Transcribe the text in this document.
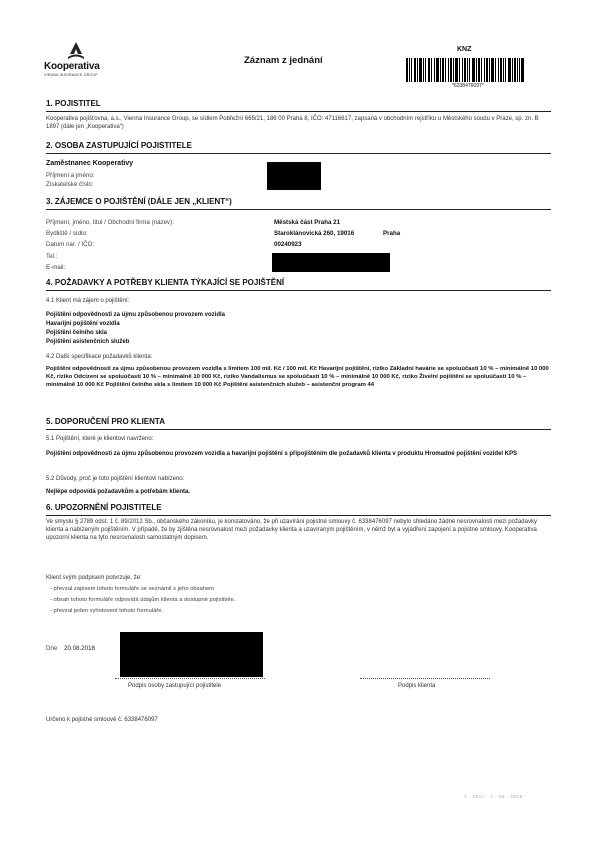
Kooperativa
VIENNA INSURANCE GROUP
Záznam z jednání
KNZ
*6338476097*
1. POJISTITEL
Kooperativa pojišťovna, a.s., Vienna Insurance Group, se sídlem Pobřežní 665/21, 186 00 Praha 8, IČO: 47116617, zapsaná v obchodním rejstříku u Městského soudu v Praze, sp. zn. B 1897 (dále jen „Kooperativa“)
2. OSOBA ZASTUPUJÍCÍ POJISTITELE
Zaměstnanec Kooperativy
Příjmení a jméno:
Získatelské číslo:
3. ZÁJEMCE O POJIŠTĚNÍ (DÁLE JEN „KLIENT“)
Příjmení, jméno, titul / Obchodní firma (název):
Bydliště / sídlo:
Datum nar. / IČO:
Tel.:
E-mail:
Městská část Praha 21
Staroklánovická 260, 19016	Praha
00240923
4. POŽADAVKY A POTŘEBY KLIENTA TÝKAJÍCÍ SE POJIŠTĚNÍ
4.1 Klient má zájem o pojištění:
Pojištění odpovědnosti za újmu způsobenou provozem vozidla
Havarijní pojištění vozidla
Pojištění čelního skla
Pojištění asistenčních služeb
4.2 Další specifikace požadavků klienta:
Pojištění odpovědnosti za újmu způsobenou provozem vozidla s limitem 100 mil. Kč / 100 mil. Kč Havarijní pojištění, riziko Základní havárie se spoluúčastí 10 % – minimálně 10 000 Kč, riziko Odcizení se spoluúčastí 10 % – minimálně 10 000 Kč, riziko Vandalismus se spoluúčastí 10 % – minimálně 10 000 Kč, riziko Živelní pojištění se spoluúčastí 10 % – minimálně 10 000 Kč Pojištění čelního skla s limitem 10 000 Kč Pojištění asistenčních služeb – asistenční program 44
5. DOPORUČENÍ PRO KLIENTA
5.1 Pojištění, které je klientovi navrženo:
Pojištění odpovědnosti za újmu způsobenou provozem vozidla a havarijní pojištění s připojištěním dle požadavků klienta v produktu Hromadné pojištění vozidel KPS
5.2 Důvody, proč je toto pojištění klientovi nabízeno:
Nejlépe odpovídá požadavkům a potřebám klienta.
6. UPOZORNĚNÍ POJISTITELE
Ve smyslu § 2789 odst. 1 č. 89/2012 Sb., občanského zákoníku, je konstatováno, že při uzavírání pojistné smlouvy č. 6338476097 nebylo shledáno žádné nesrovnalosti mezi požadavky klienta a nabízeným pojištěním. V případě, že by zjištěna nesrovnalost mezi požadavky klienta a uzavíraným pojištěním, v němž byl a vyjádření zapojení a pojistné smlouvy. Kooperativa upozorní klienta na tyto nesrovnalosti samostatným dopisem.
Klient svým podpisem potvrzuje, že:
- převzal zápisem tohoto formuláře se seznámil s jeho obsahem
- obsah tohoto formuláře odpovídá údajům klienta a dostupné pojistitele.
- převzal jeden vyhotovení tohoto formuláře.
Dne 20.08.2018
Podpis osoby zastupující pojistitele	Podpis klienta
Určeno k pojistné smlouvě č. 6338476097
1 · 2017 · 1 · 08 · 2018
